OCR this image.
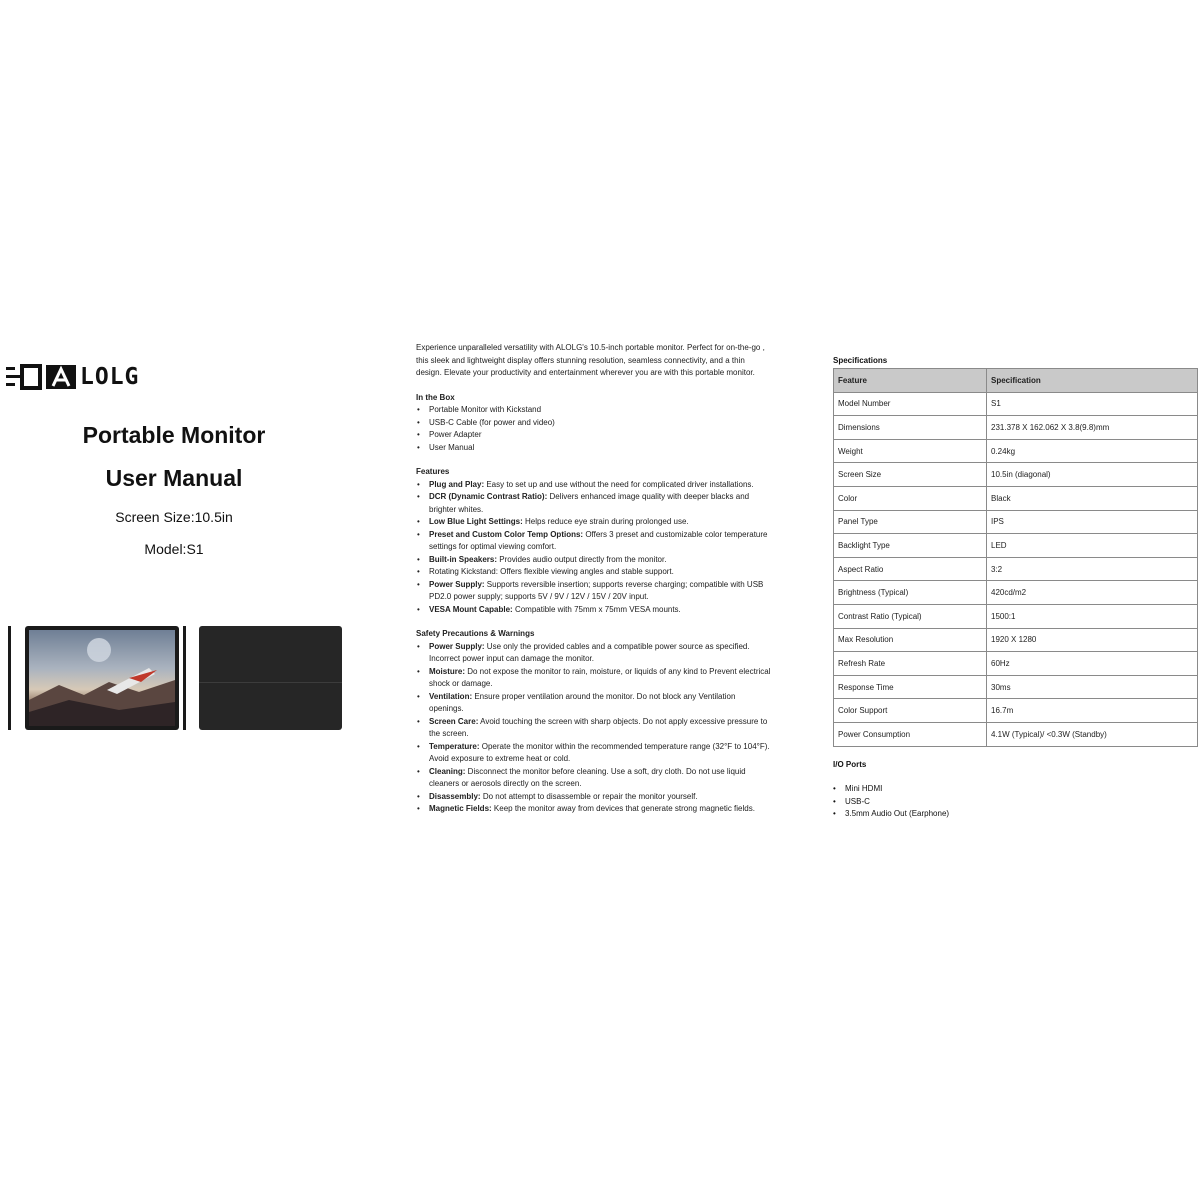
LOLG
Portable Monitor
User Manual
Screen Size:10.5in
Model:S1

Experience unparalleled versatility with ALOLG's 10.5-inch portable monitor. Perfect for on-the-go , this sleek and lightweight display offers stunning resolution, seamless connectivity, and a thin design. Elevate your productivity and entertainment wherever you are with this portable monitor.

In the Box
• Portable Monitor with Kickstand
• USB-C Cable (for power and video)
• Power Adapter
• User Manual
Features
• Plug and Play: Easy to set up and use without the need for complicated driver installations.
• DCR (Dynamic Contrast Ratio): Delivers enhanced image quality with deeper blacks and brighter whites.
• Low Blue Light Settings: Helps reduce eye strain during prolonged use.
• Preset and Custom Color Temp Options: Offers 3 preset and customizable color temperature settings for optimal viewing comfort.
• Built-in Speakers: Provides audio output directly from the monitor.
• Rotating Kickstand: Offers flexible viewing angles and stable support.
• Power Supply: Supports reversible insertion; supports reverse charging; compatible with USB PD2.0 power supply; supports 5V / 9V / 12V / 15V / 20V input.
• VESA Mount Capable: Compatible with 75mm x 75mm VESA mounts.
Safety Precautions & Warnings
• Power Supply: Use only the provided cables and a compatible power source as specified. Incorrect power input can damage the monitor.
• Moisture: Do not expose the monitor to rain, moisture, or liquids of any kind to Prevent electrical shock or damage.
• Ventilation: Ensure proper ventilation around the monitor. Do not block any Ventilation openings.
• Screen Care: Avoid touching the screen with sharp objects. Do not apply excessive pressure to the screen.
• Temperature: Operate the monitor within the recommended temperature range (32°F to 104°F). Avoid exposure to extreme heat or cold.
• Cleaning: Disconnect the monitor before cleaning. Use a soft, dry cloth. Do not use liquid cleaners or aerosols directly on the screen.
• Disassembly: Do not attempt to disassemble or repair the monitor yourself.
• Magnetic Fields: Keep the monitor away from devices that generate strong magnetic fields.
Specifications
Feature	Specification
Model Number	S1
Dimensions	231.378 X 162.062 X 3.8(9.8)mm
Weight	0.24kg
Screen Size	10.5in (diagonal)
Color	Black
Panel Type	IPS
Backlight Type	LED
Aspect Ratio	3:2
Brightness (Typical)	420cd/m2
Contrast Ratio (Typical)	1500:1
Max Resolution	1920 X 1280
Refresh Rate	60Hz
Response Time	30ms
Color Support	16.7m
Power Consumption	4.1W (Typical)/ <0.3W (Standby)
I/O Ports
• Mini HDMI
• USB-C
• 3.5mm Audio Out (Earphone)
